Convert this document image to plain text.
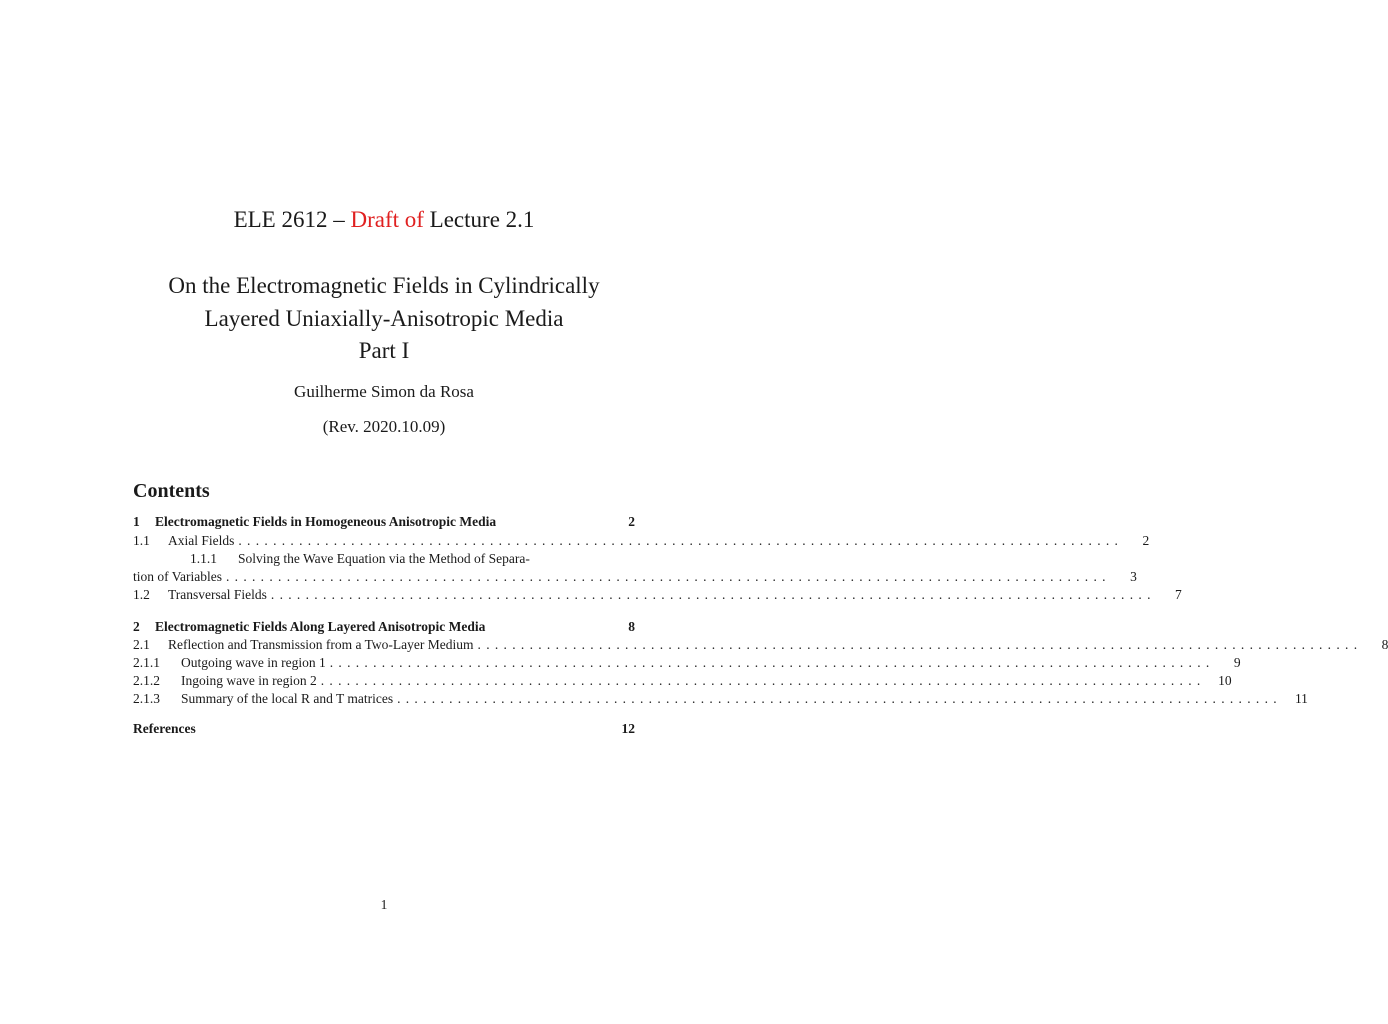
ELE 2612 – Draft of Lecture 2.1
On the Electromagnetic Fields in Cylindrically
Layered Uniaxially-Anisotropic Media
Part I
Guilherme Simon da Rosa
(Rev. 2020.10.09)
Contents
1	Electromagnetic Fields in Homogeneous Anisotropic Media	2
1.1	Axial Fields ......................................................................................................	2
1.1.1	Solving the Wave Equation via the Method of Separa-
tion of Variables ......................................................................................................	3
1.2	Transversal Fields ......................................................................................................	7
2	Electromagnetic Fields Along Layered Anisotropic Media	8
2.1	Reflection and Transmission from a Two-Layer Medium ......................................................................................................	8
2.1.1	Outgoing wave in region 1 ......................................................................................................	9
2.1.2	Ingoing wave in region 2 ...................................................................................................... 10
2.1.3	Summary of the local R and T matrices ...................................................................................................... 11
References	12
1
